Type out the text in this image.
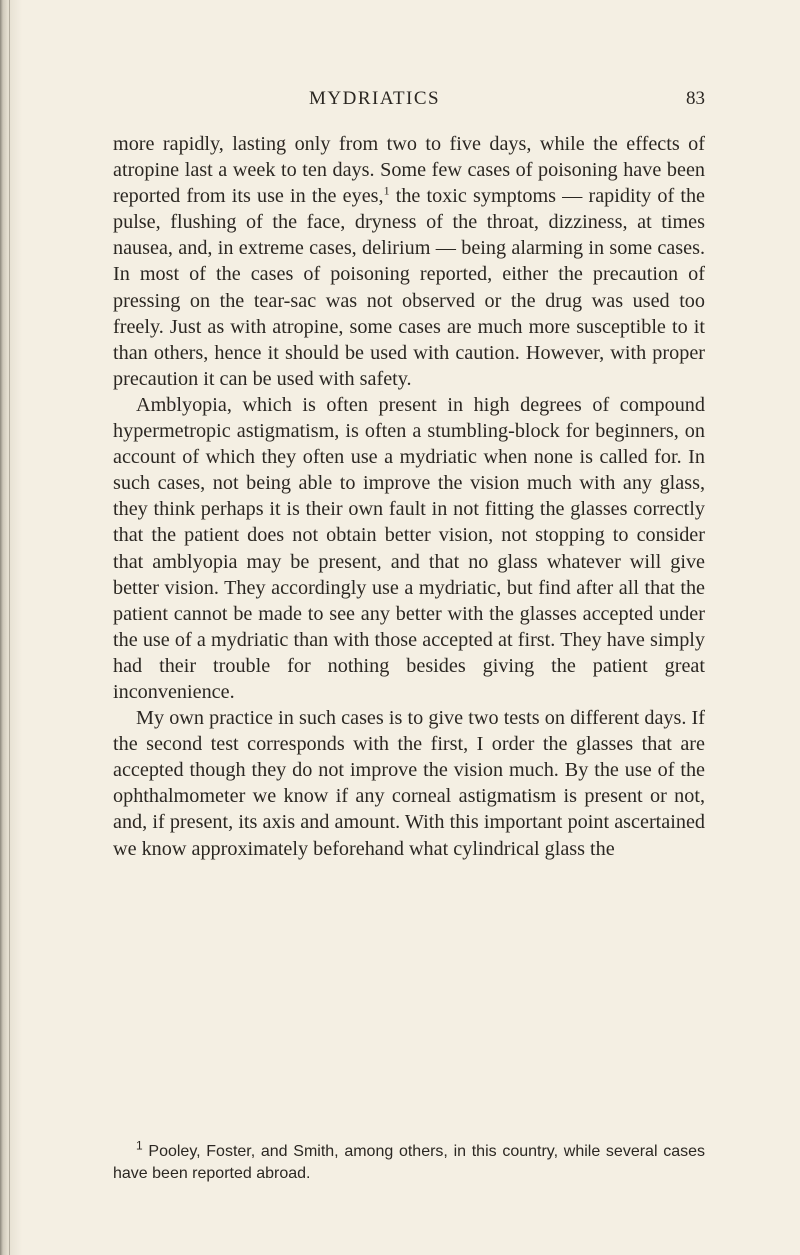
MYDRIATICS	83

more rapidly, lasting only from two to five days, while the effects of atropine last a week to ten days. Some few cases of poisoning have been reported from its use in the eyes,$^1$ the toxic symptoms — rapidity of the pulse, flushing of the face, dryness of the throat, dizziness, at times nausea, and, in extreme cases, delirium — being alarming in some cases. In most of the cases of poisoning reported, either the precaution of pressing on the tear-sac was not observed or the drug was used too freely. Just as with atropine, some cases are much more susceptible to it than others, hence it should be used with caution. However, with proper precaution it can be used with safety.

Amblyopia, which is often present in high degrees of compound hypermetropic astigmatism, is often a stumbling-block for beginners, on account of which they often use a mydriatic when none is called for. In such cases, not being able to improve the vision much with any glass, they think perhaps it is their own fault in not fitting the glasses correctly that the patient does not obtain better vision, not stopping to consider that amblyopia may be present, and that no glass whatever will give better vision. They accordingly use a mydriatic, but find after all that the patient cannot be made to see any better with the glasses accepted under the use of a mydriatic than with those accepted at first. They have simply had their trouble for nothing besides giving the patient great inconvenience.

My own practice in such cases is to give two tests on different days. If the second test corresponds with the first, I order the glasses that are accepted though they do not improve the vision much. By the use of the ophthalmometer we know if any corneal astigmatism is present or not, and, if present, its axis and amount. With this important point ascertained we know approximately beforehand what cylindrical glass the

$^1$ Pooley, Foster, and Smith, among others, in this country, while several cases have been reported abroad.
